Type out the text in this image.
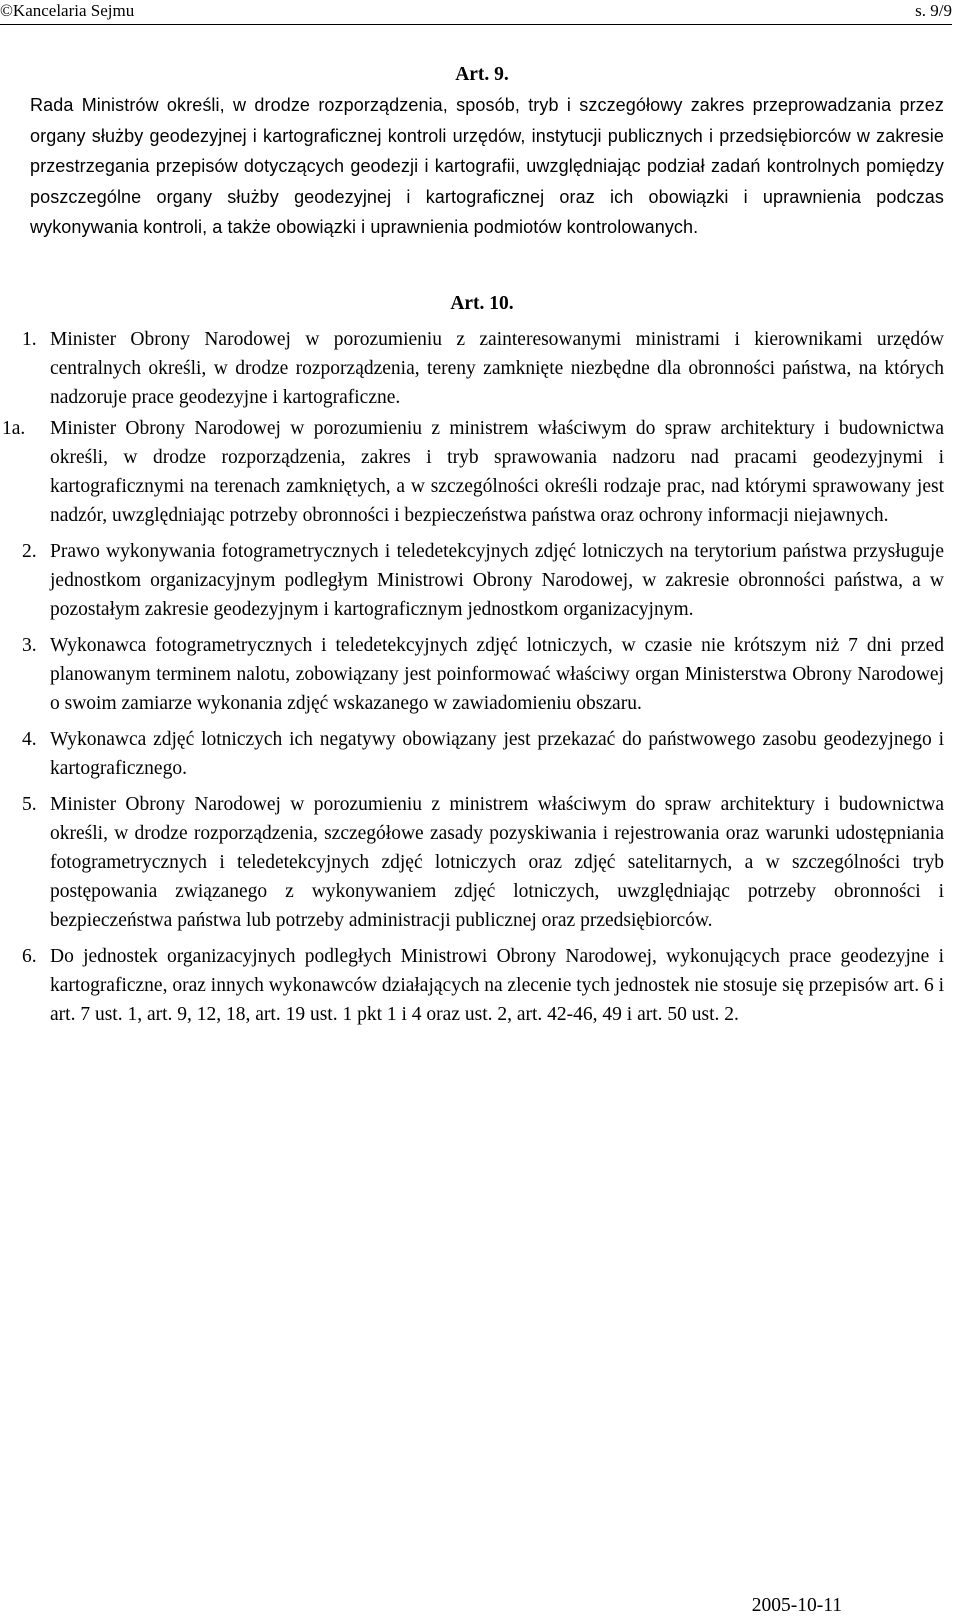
©Kancelaria Sejmu	s. 9/9

Art. 9.

Rada Ministrów określi, w drodze rozporządzenia, sposób, tryb i szczegółowy zakres przeprowadzania przez organy służby geodezyjnej i kartograficznej kontroli urzędów, instytucji publicznych i przedsiębiorców w zakresie przestrzegania przepisów dotyczących geodezji i kartografii, uwzględniając podział zadań kontrolnych pomiędzy poszczególne organy służby geodezyjnej i kartograficznej oraz ich obowiązki i uprawnienia podczas wykonywania kontroli, a także obowiązki i uprawnienia podmiotów kontrolowanych.

Art. 10.

1. Minister Obrony Narodowej w porozumieniu z zainteresowanymi ministrami i kierownikami urzędów centralnych określi, w drodze rozporządzenia, tereny zamknięte niezbędne dla obronności państwa, na których nadzoruje prace geodezyjne i kartograficzne.
1a. Minister Obrony Narodowej w porozumieniu z ministrem właściwym do spraw architektury i budownictwa określi, w drodze rozporządzenia, zakres i tryb sprawowania nadzoru nad pracami geodezyjnymi i kartograficznymi na terenach zamkniętych, a w szczególności określi rodzaje prac, nad którymi sprawowany jest nadzór, uwzględniając potrzeby obronności i bezpieczeństwa państwa oraz ochrony informacji niejawnych.
2. Prawo wykonywania fotogrametrycznych i teledetekcyjnych zdjęć lotniczych na terytorium państwa przysługuje jednostkom organizacyjnym podległym Ministrowi Obrony Narodowej, w zakresie obronności państwa, a w pozostałym zakresie geodezyjnym i kartograficznym jednostkom organizacyjnym.
3. Wykonawca fotogrametrycznych i teledetekcyjnych zdjęć lotniczych, w czasie nie krótszym niż 7 dni przed planowanym terminem nalotu, zobowiązany jest poinformować właściwy organ Ministerstwa Obrony Narodowej o swoim zamiarze wykonania zdjęć wskazanego w zawiadomieniu obszaru.
4. Wykonawca zdjęć lotniczych ich negatywy obowiązany jest przekazać do państwowego zasobu geodezyjnego i kartograficznego.
5. Minister Obrony Narodowej w porozumieniu z ministrem właściwym do spraw architektury i budownictwa określi, w drodze rozporządzenia, szczegółowe zasady pozyskiwania i rejestrowania oraz warunki udostępniania fotogrametrycznych i teledetekcyjnych zdjęć lotniczych oraz zdjęć satelitarnych, a w szczególności tryb postępowania związanego z wykonywaniem zdjęć lotniczych, uwzględniając potrzeby obronności i bezpieczeństwa państwa lub potrzeby administracji publicznej oraz przedsiębiorców.
6. Do jednostek organizacyjnych podległych Ministrowi Obrony Narodowej, wykonujących prace geodezyjne i kartograficzne, oraz innych wykonawców działających na zlecenie tych jednostek nie stosuje się przepisów art. 6 i art. 7 ust. 1, art. 9, 12, 18, art. 19 ust. 1 pkt 1 i 4 oraz ust. 2, art. 42-46, 49 i art. 50 ust. 2.
2005-10-11
